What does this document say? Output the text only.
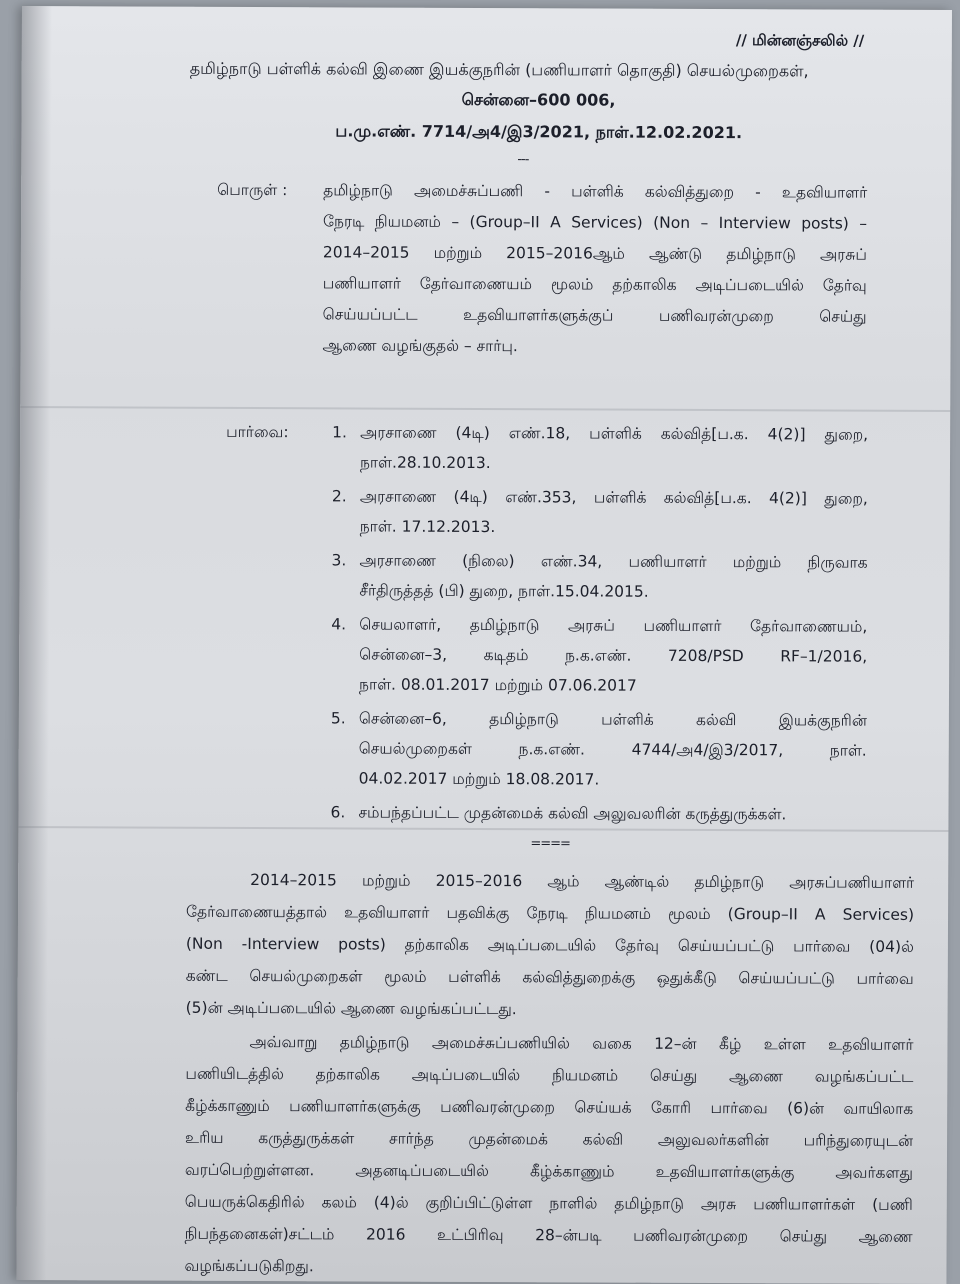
// மின்னஞ்சலில் //
தமிழ்நாடு பள்ளிக் கல்வி இணை இயக்குநரின் (பணியாளர் தொகுதி) செயல்முறைகள்,
சென்னை–600 006,
ப.மு.எண். 7714/அ4/இ3/2021, நாள்.12.02.2021.
---
பொருள் : தமிழ்நாடு அமைச்சுப்பணி - பள்ளிக் கல்வித்துறை - உதவியாளர்
நேரடி நியமனம் – (Group–II A Services) (Non – Interview posts) –
2014–2015 மற்றும் 2015–2016ஆம் ஆண்டு தமிழ்நாடு அரசுப்
பணியாளர் தேர்வாணையம் மூலம் தற்காலிக அடிப்படையில் தேர்வு
செய்யப்பட்ட உதவியாளர்களுக்குப் பணிவரன்முறை செய்து
ஆணை வழங்குதல் – சார்பு.
பார்வை:	1. அரசாணை (4டி) எண்.18, பள்ளிக் கல்வித்[ப.க. 4(2)] துறை,
நாள்.28.10.2013.
2. அரசாணை (4டி) எண்.353, பள்ளிக் கல்வித்[ப.க. 4(2)] துறை,
நாள். 17.12.2013.
3. அரசாணை (நிலை) எண்.34, பணியாளர் மற்றும் நிருவாக
சீர்திருத்தத் (பி) துறை, நாள்.15.04.2015.
4. செயலாளர், தமிழ்நாடு அரசுப் பணியாளர் தேர்வாணையம்,
சென்னை–3, கடிதம் ந.க.எண். 7208/PSD RF–1/2016,
நாள். 08.01.2017 மற்றும் 07.06.2017
5. சென்னை–6, தமிழ்நாடு பள்ளிக் கல்வி இயக்குநரின்
செயல்முறைகள் ந.க.எண். 4744/அ4/இ3/2017, நாள்.
04.02.2017 மற்றும் 18.08.2017.
6. சம்பந்தப்பட்ட முதன்மைக் கல்வி அலுவலரின் கருத்துருக்கள்.
====
2014–2015 மற்றும் 2015–2016 ஆம் ஆண்டில் தமிழ்நாடு அரசுப்பணியாளர்
தேர்வாணையத்தால் உதவியாளர் பதவிக்கு நேரடி நியமனம் மூலம் (Group–II A Services)
(Non -Interview posts) தற்காலிக அடிப்படையில் தேர்வு செய்யப்பட்டு பார்வை (04)ல்
கண்ட செயல்முறைகள் மூலம் பள்ளிக் கல்வித்துறைக்கு ஒதுக்கீடு செய்யப்பட்டு பார்வை
(5)ன் அடிப்படையில் ஆணை வழங்கப்பட்டது.
அவ்வாறு தமிழ்நாடு அமைச்சுப்பணியில் வகை 12–ன் கீழ் உள்ள உதவியாளர்
பணியிடத்தில் தற்காலிக அடிப்படையில் நியமனம் செய்து ஆணை வழங்கப்பட்ட
கீழ்க்காணும் பணியாளர்களுக்கு பணிவரன்முறை செய்யக் கோரி பார்வை (6)ன் வாயிலாக
உரிய கருத்துருக்கள் சார்ந்த முதன்மைக் கல்வி அலுவலர்களின் பரிந்துரையுடன்
வரப்பெற்றுள்ளன. அதனடிப்படையில் கீழ்க்காணும் உதவியாளர்களுக்கு அவர்களது
பெயருக்கெதிரில் கலம் (4)ல் குறிப்பிட்டுள்ள நாளில் தமிழ்நாடு அரசு பணியாளர்கள் (பணி
நிபந்தனைகள்)சட்டம் 2016 உட்பிரிவு 28–ன்படி பணிவரன்முறை செய்து ஆணை
வழங்கப்படுகிறது.
